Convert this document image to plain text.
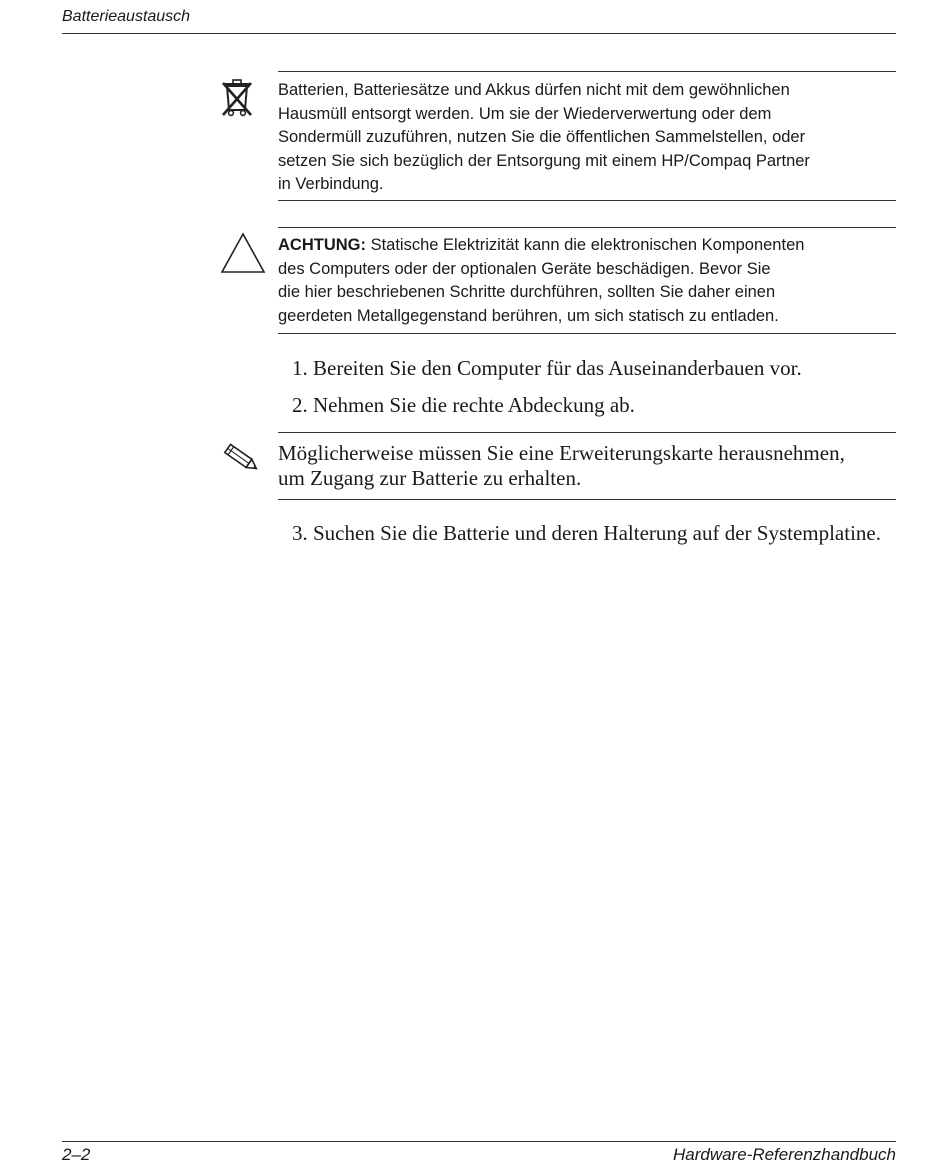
Batterieaustausch
Batterien, Batteriesätze und Akkus dürfen nicht mit dem gewöhnlichen
Hausmüll entsorgt werden. Um sie der Wiederverwertung oder dem
Sondermüll zuzuführen, nutzen Sie die öffentlichen Sammelstellen, oder
setzen Sie sich bezüglich der Entsorgung mit einem HP/Compaq Partner
in Verbindung.
ACHTUNG: Statische Elektrizität kann die elektronischen Komponenten
des Computers oder der optionalen Geräte beschädigen. Bevor Sie
die hier beschriebenen Schritte durchführen, sollten Sie daher einen
geerdeten Metallgegenstand berühren, um sich statisch zu entladen.
1. Bereiten Sie den Computer für das Auseinanderbauen vor.
2. Nehmen Sie die rechte Abdeckung ab.
Möglicherweise müssen Sie eine Erweiterungskarte herausnehmen,
um Zugang zur Batterie zu erhalten.
3. Suchen Sie die Batterie und deren Halterung auf der Systemplatine.
2–2	Hardware-Referenzhandbuch
